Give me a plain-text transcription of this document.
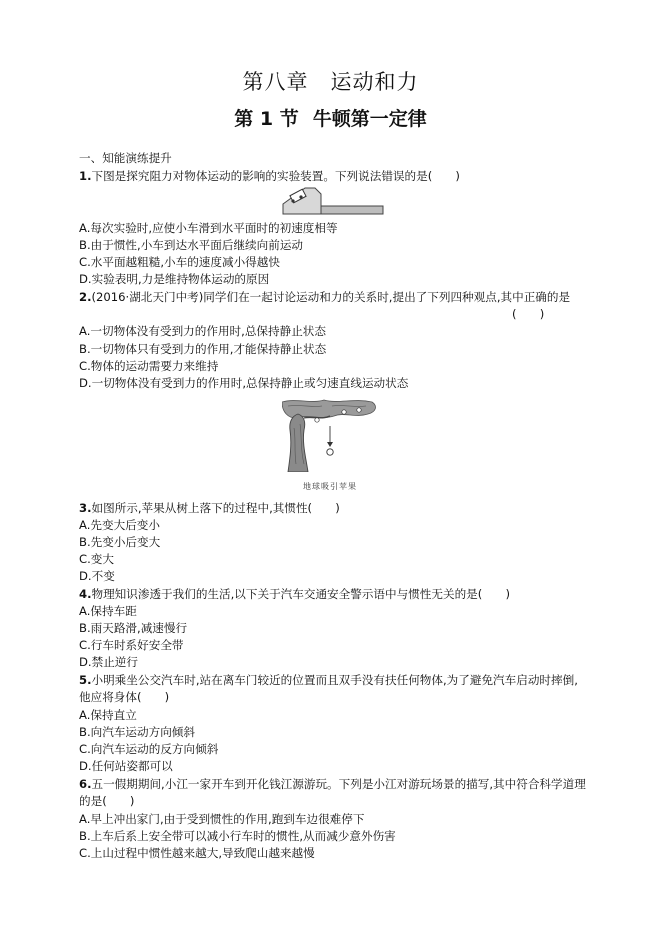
第八章 运动和力
第 1 节 牛顿第一定律
一、知能演练提升
1.下图是探究阻力对物体运动的影响的实验装置。下列说法错误的是(　　)
A.每次实验时,应使小车滑到水平面时的初速度相等
B.由于惯性,小车到达水平面后继续向前运动
C.水平面越粗糙,小车的速度减小得越快
D.实验表明,力是维持物体运动的原因
2.(2016·湖北天门中考)同学们在一起讨论运动和力的关系时,提出了下列四种观点,其中正确的是
(　　)
A.一切物体没有受到力的作用时,总保持静止状态
B.一切物体只有受到力的作用,才能保持静止状态
C.物体的运动需要力来维持
D.一切物体没有受到力的作用时,总保持静止或匀速直线运动状态
地球吸引苹果
3.如图所示,苹果从树上落下的过程中,其惯性(　　)
A.先变大后变小
B.先变小后变大
C.变大
D.不变
4.物理知识渗透于我们的生活,以下关于汽车交通安全警示语中与惯性无关的是(　　)
A.保持车距
B.雨天路滑,减速慢行
C.行车时系好安全带
D.禁止逆行
5.小明乘坐公交汽车时,站在离车门较近的位置而且双手没有扶任何物体,为了避免汽车启动时摔倒,
他应将身体(　　)
A.保持直立
B.向汽车运动方向倾斜
C.向汽车运动的反方向倾斜
D.任何站姿都可以
6.五一假期期间,小江一家开车到开化钱江源游玩。下列是小江对游玩场景的描写,其中符合科学道理
的是(　　)
A.早上冲出家门,由于受到惯性的作用,跑到车边很难停下
B.上车后系上安全带可以减小行车时的惯性,从而减少意外伤害
C.上山过程中惯性越来越大,导致爬山越来越慢
